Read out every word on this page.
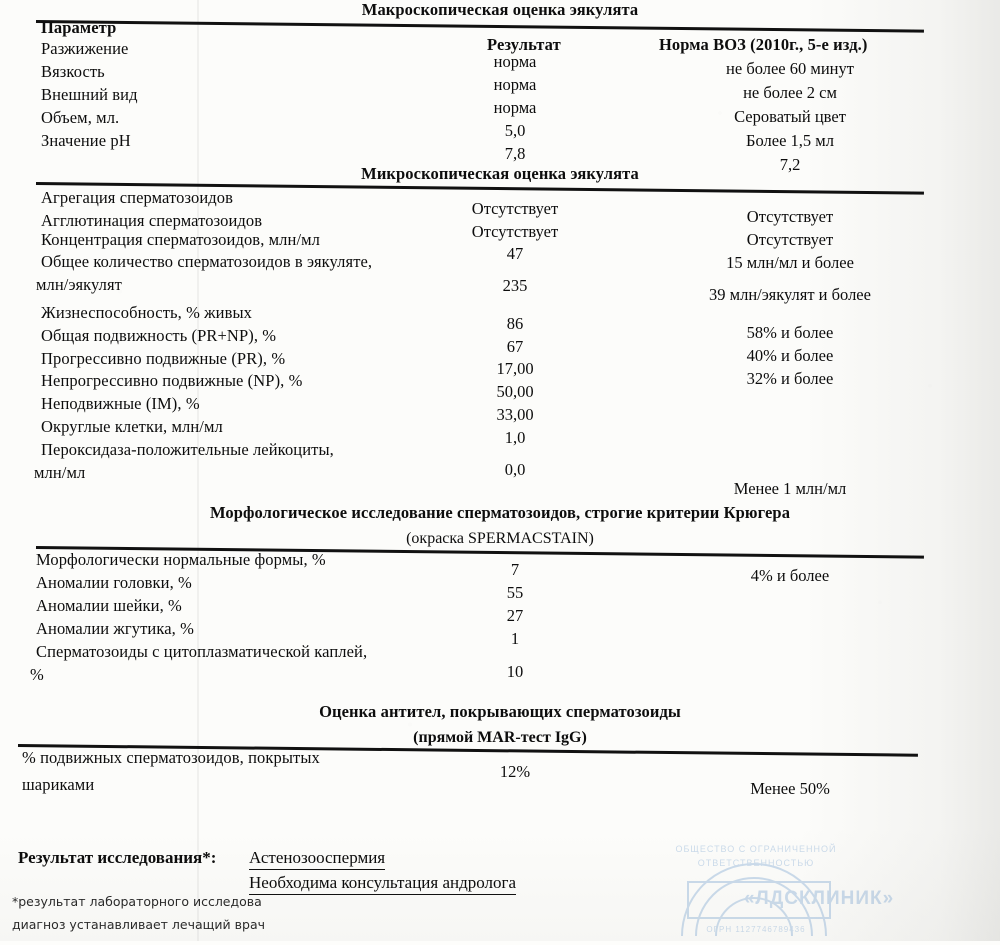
Макроскопическая оценка эякулята
Параметр
Результат	Норма ВОЗ (2010г., 5-е изд.)
Разжижение
Вязкость
Внешний вид
Объем, мл.
Значение рН
норма
норма
норма
5,0
7,8
не более 60 минут
не более 2 см
Сероватый цвет
Более 1,5 мл
7,2
Микроскопическая оценка эякулята
Агрегация сперматозоидов
Агглютинация сперматозоидов
Концентрация сперматозоидов, млн/мл
Общее количество сперматозоидов в эякуляте,
млн/эякулят
Жизнеспособность, % живых
Общая подвижность (PR+NP), %
Прогрессивно подвижные (PR), %
Непрогрессивно подвижные (NP), %
Неподвижные (IM), %
Округлые клетки, млн/мл
Пероксидаза-положительные лейкоциты,
млн/мл
Отсутствует
Отсутствует
47
235
86
67
17,00
50,00
33,00
1,0
0,0
Отсутствует
Отсутствует
15 млн/мл и более
39 млн/эякулят и более
58% и более
40% и более
32% и более
Менее 1 млн/мл
Морфологическое исследование сперматозоидов, строгие критерии Крюгера
(окраска SPERMACSTAIN)
Морфологически нормальные формы, %
Аномалии головки, %
Аномалии шейки, %
Аномалии жгутика, %
Сперматозоиды с цитоплазматической каплей,
%
7
55
27
1
10
4% и более
Оценка антител, покрывающих сперматозоиды
(прямой MAR-тест IgG)
% подвижных сперматозоидов, покрытых
шариками
12%
Менее 50%
Результат исследования*: Астенозооспермия
Необходима консультация андролога
*результат лабораторного исследова
диагноз устанавливает лечащий врач
ОБЩЕСТВО С ОГРАНИЧЕННОЙ
ОТВЕТСТВЕННОСТЬЮ
ОГРН 1127746789436
«ЛДСКЛИНИК»
